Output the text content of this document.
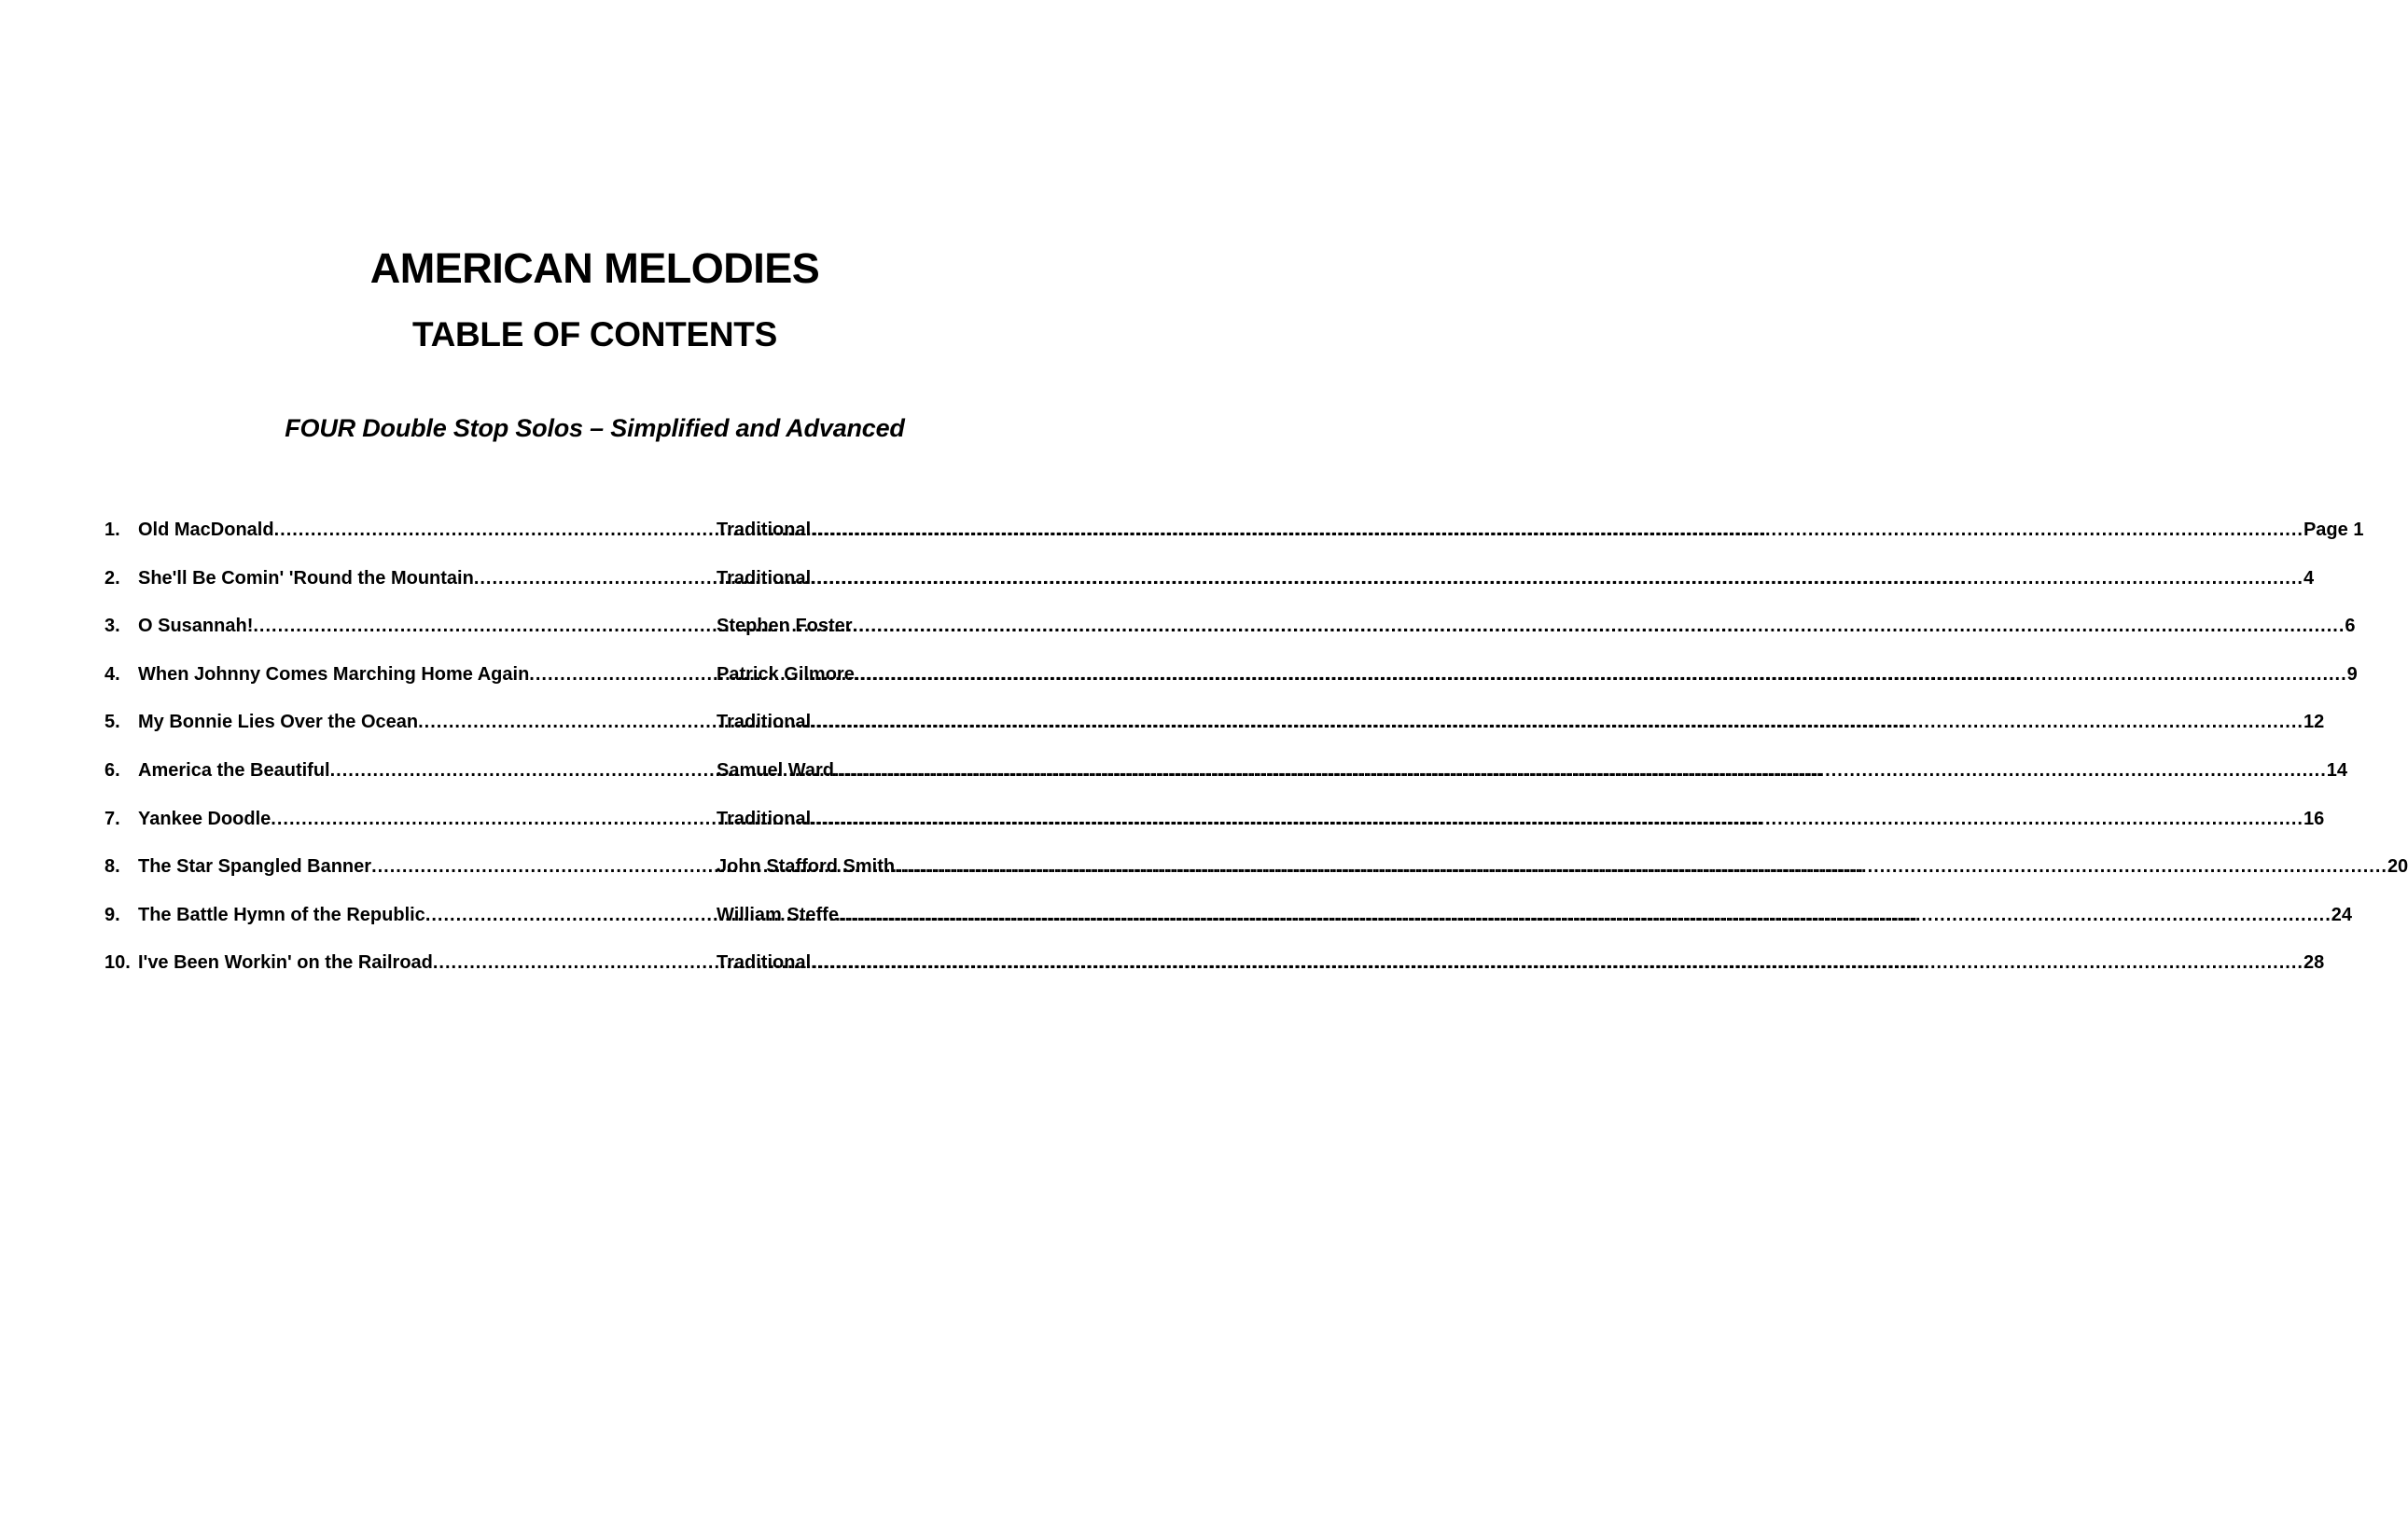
AMERICAN MELODIES
TABLE OF CONTENTS
FOUR Double Stop Solos – Simplified and Advanced
1. Old MacDonald .....	Traditional .....	Page 1
2. She'll Be Comin' 'Round the Mountain .....	Traditional .....	4
3. O Susannah! .....	Stephen Foster .....	6
4. When Johnny Comes Marching Home Again .....	Patrick Gilmore .....	9
5. My Bonnie Lies Over the Ocean .....	Traditional .....	12
6. America the Beautiful .....	Samuel Ward .....	14
7. Yankee Doodle .....	Traditional .....	16
8. The Star Spangled Banner .....	John Stafford Smith .....	20
9. The Battle Hymn of the Republic .....	William Steffe .....	24
10. I've Been Workin' on the Railroad .....	Traditional .....	28
